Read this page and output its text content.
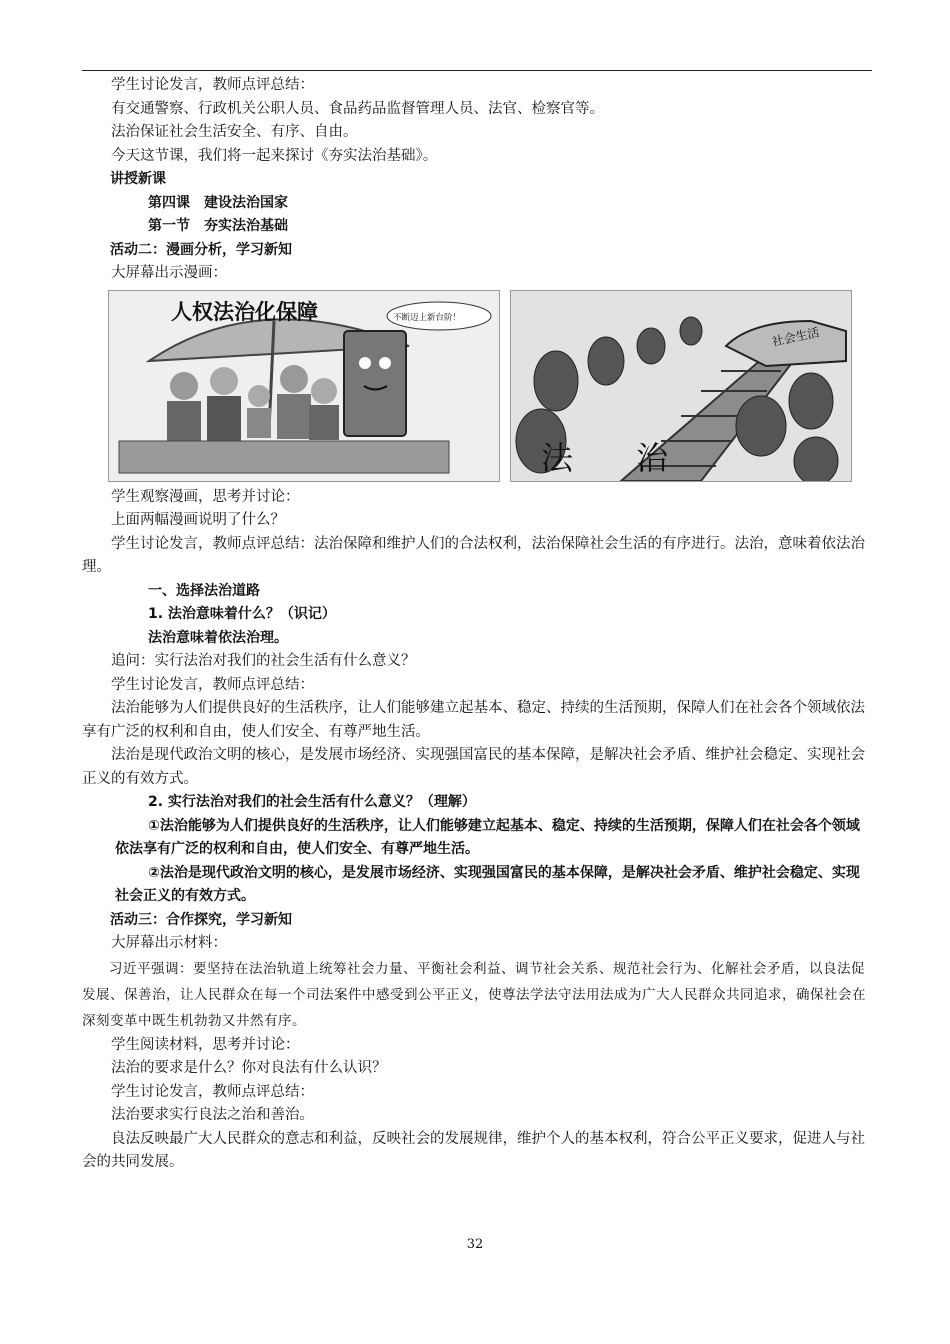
学生讨论发言，教师点评总结：

有交通警察、行政机关公职人员、食品药品监督管理人员、法官、检察官等。

法治保证社会生活安全、有序、自由。

今天这节课，我们将一起来探讨《夯实法治基础》。

讲授新课

第四课　建设法治国家

第一节　夯实法治基础

活动二：漫画分析，学习新知

大屏幕出示漫画：

人权法治化保障	不断迈上新台阶！
社会生活
法 治

学生观察漫画，思考并讨论：

上面两幅漫画说明了什么？

学生讨论发言，教师点评总结：法治保障和维护人们的合法权利，法治保障社会生活的有序进行。法治，意味着依法治理。

一、选择法治道路

1. 法治意味着什么？（识记）

法治意味着依法治理。

追问：实行法治对我们的社会生活有什么意义？

学生讨论发言，教师点评总结：

法治能够为人们提供良好的生活秩序，让人们能够建立起基本、稳定、持续的生活预期，保障人们在社会各个领域依法享有广泛的权利和自由，使人们安全、有尊严地生活。

法治是现代政治文明的核心，是发展市场经济、实现强国富民的基本保障，是解决社会矛盾、维护社会稳定、实现社会正义的有效方式。

2. 实行法治对我们的社会生活有什么意义？（理解）

①法治能够为人们提供良好的生活秩序，让人们能够建立起基本、稳定、持续的生活预期，保障人们在社会各个领域依法享有广泛的权利和自由，使人们安全、有尊严地生活。

②法治是现代政治文明的核心，是发展市场经济、实现强国富民的基本保障，是解决社会矛盾、维护社会稳定、实现社会正义的有效方式。

活动三：合作探究，学习新知

大屏幕出示材料：

习近平强调：要坚持在法治轨道上统筹社会力量、平衡社会利益、调节社会关系、规范社会行为、化解社会矛盾，以良法促发展、保善治，让人民群众在每一个司法案件中感受到公平正义，使尊法学法守法用法成为广大人民群众共同追求，确保社会在深刻变革中既生机勃勃又井然有序。

学生阅读材料，思考并讨论：

法治的要求是什么？你对良法有什么认识？

学生讨论发言，教师点评总结：

法治要求实行良法之治和善治。

良法反映最广大人民群众的意志和利益，反映社会的发展规律，维护个人的基本权利，符合公平正义要求，促进人与社会的共同发展。

32
